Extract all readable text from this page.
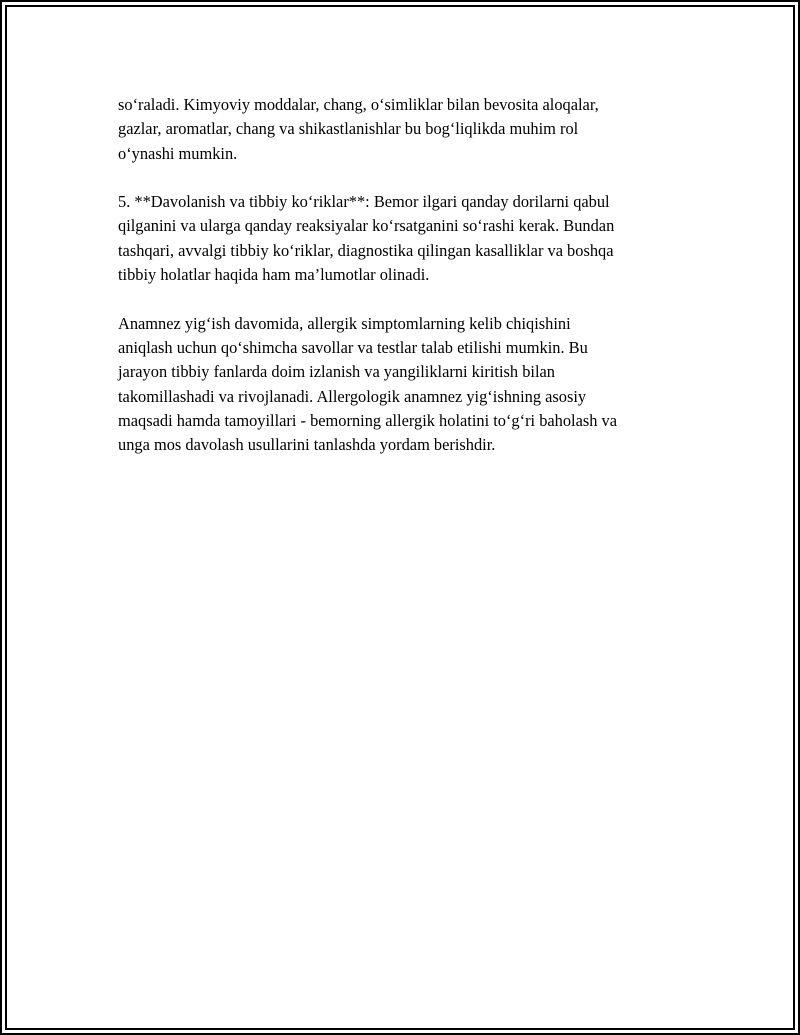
so‘raladi. Kimyoviy moddalar, chang, o‘simliklar bilan bevosita aloqalar,
gazlar, aromatlar, chang va shikastlanishlar bu bog‘liqlikda muhim rol
o‘ynashi mumkin.

5. **Davolanish va tibbiy ko‘riklar**: Bemor ilgari qanday dorilarni qabul
qilganini va ularga qanday reaksiyalar ko‘rsatganini so‘rashi kerak. Bundan
tashqari, avvalgi tibbiy ko‘riklar, diagnostika qilingan kasalliklar va boshqa
tibbiy holatlar haqida ham ma’lumotlar olinadi.

Anamnez yig‘ish davomida, allergik simptomlarning kelib chiqishini
aniqlash uchun qo‘shimcha savollar va testlar talab etilishi mumkin. Bu
jarayon tibbiy fanlarda doim izlanish va yangiliklarni kiritish bilan
takomillashadi va rivojlanadi. Allergologik anamnez yig‘ishning asosiy
maqsadi hamda tamoyillari - bemorning allergik holatini to‘g‘ri baholash va
unga mos davolash usullarini tanlashda yordam berishdir.
